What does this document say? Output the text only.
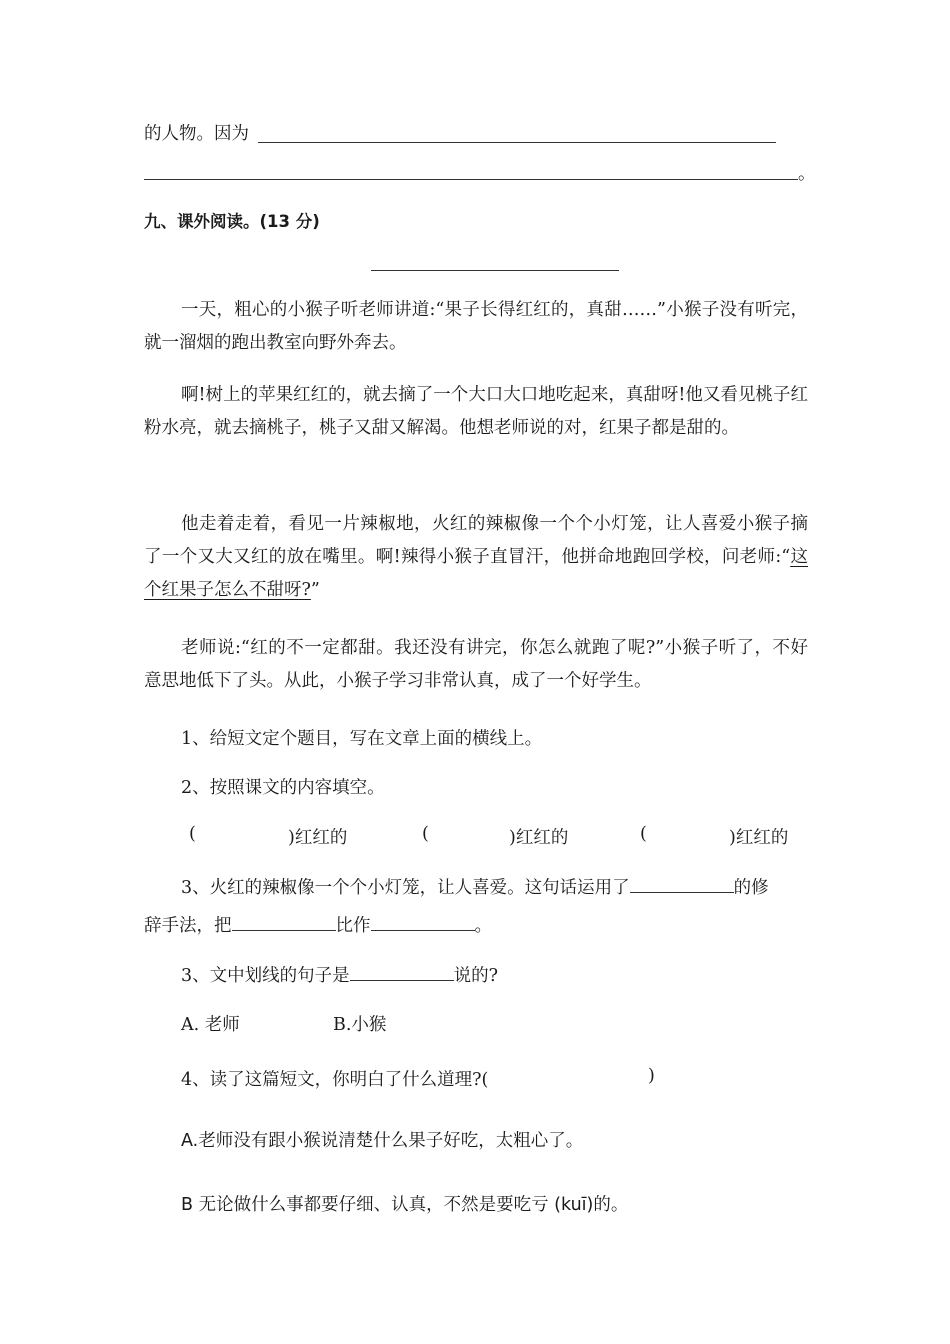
的人物。因为
。
九、课外阅读。(13 分)
一天，粗心的小猴子听老师讲道:“果子长得红红的，真甜……”小猴子没有听完，就一溜烟的跑出教室向野外奔去。
啊!树上的苹果红红的，就去摘了一个大口大口地吃起来，真甜呀!他又看见桃子红粉水亮，就去摘桃子，桃子又甜又解渴。他想老师说的对，红果子都是甜的。
他走着走着，看见一片辣椒地，火红的辣椒像一个个小灯笼，让人喜爱小猴子摘了一个又大又红的放在嘴里。啊!辣得小猴子直冒汗，他拼命地跑回学校，问老师:“这个红果子怎么不甜呀?”
老师说:“红的不一定都甜。我还没有讲完，你怎么就跑了呢?”小猴子听了，不好意思地低下了头。从此，小猴子学习非常认真，成了一个好学生。
1、给短文定个题目，写在文章上面的横线上。
2、按照课文的内容填空。
(	)红红的	(	)红红的	(	)红红的
3、火红的辣椒像一个个小灯笼，让人喜爱。这句话运用了	的修
辞手法，把	比作	。
3、文中划线的句子是	说的?
A. 老师	B.小猴
4、读了这篇短文，你明白了什么道理?(	)
A.老师没有跟小猴说清楚什么果子好吃，太粗心了。
B 无论做什么事都要仔细、认真，不然是要吃亏 (kuī)的。
